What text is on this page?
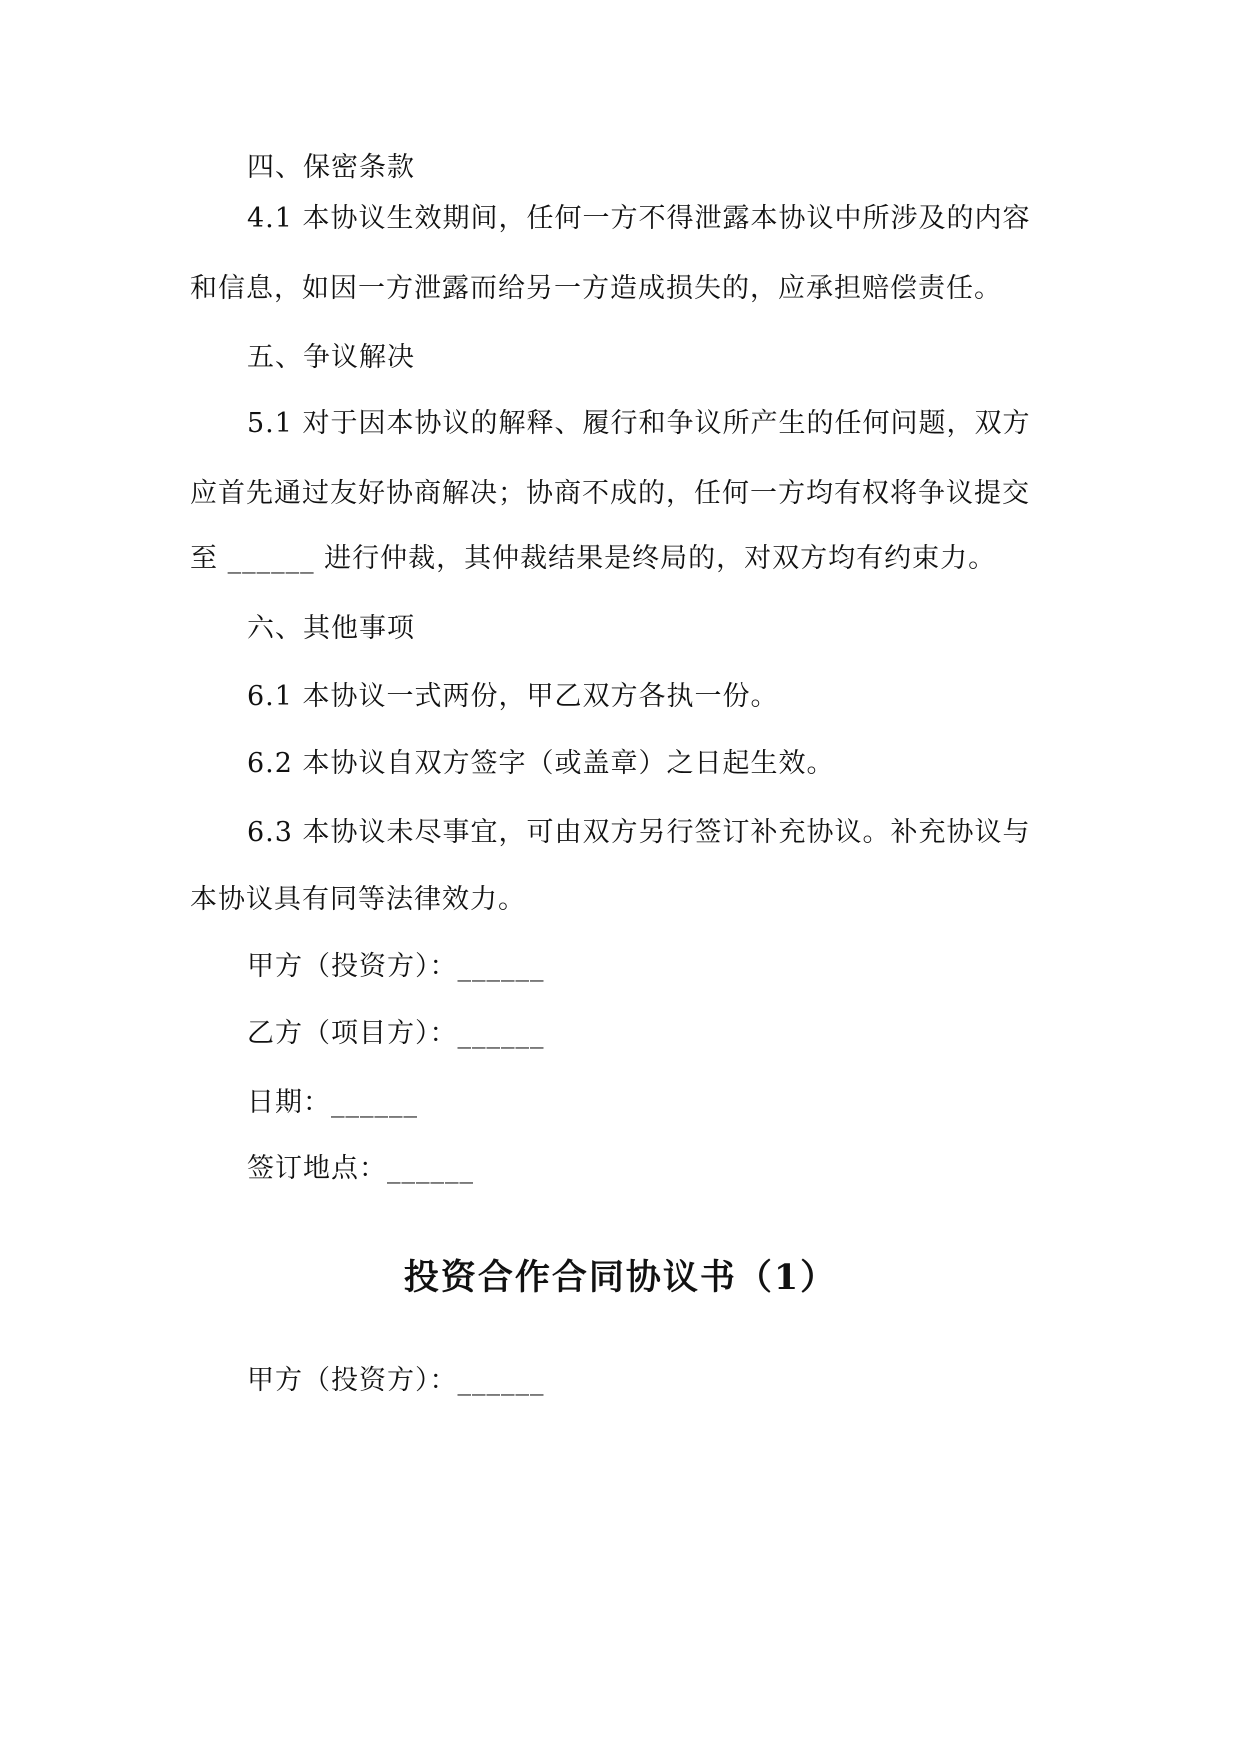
四、保密条款
4.1 本协议生效期间，任何一方不得泄露本协议中所涉及的内容
和信息，如因一方泄露而给另一方造成损失的，应承担赔偿责任。
五、争议解决
5.1 对于因本协议的解释、履行和争议所产生的任何问题，双方
应首先通过友好协商解决；协商不成的，任何一方均有权将争议提交
至 ______ 进行仲裁，其仲裁结果是终局的，对双方均有约束力。
六、其他事项
6.1 本协议一式两份，甲乙双方各执一份。
6.2 本协议自双方签字（或盖章）之日起生效。
6.3 本协议未尽事宜，可由双方另行签订补充协议。补充协议与
本协议具有同等法律效力。
甲方（投资方）：______
乙方（项目方）：______
日期：______
签订地点：______
投资合作合同协议书（1）
甲方（投资方）：______
